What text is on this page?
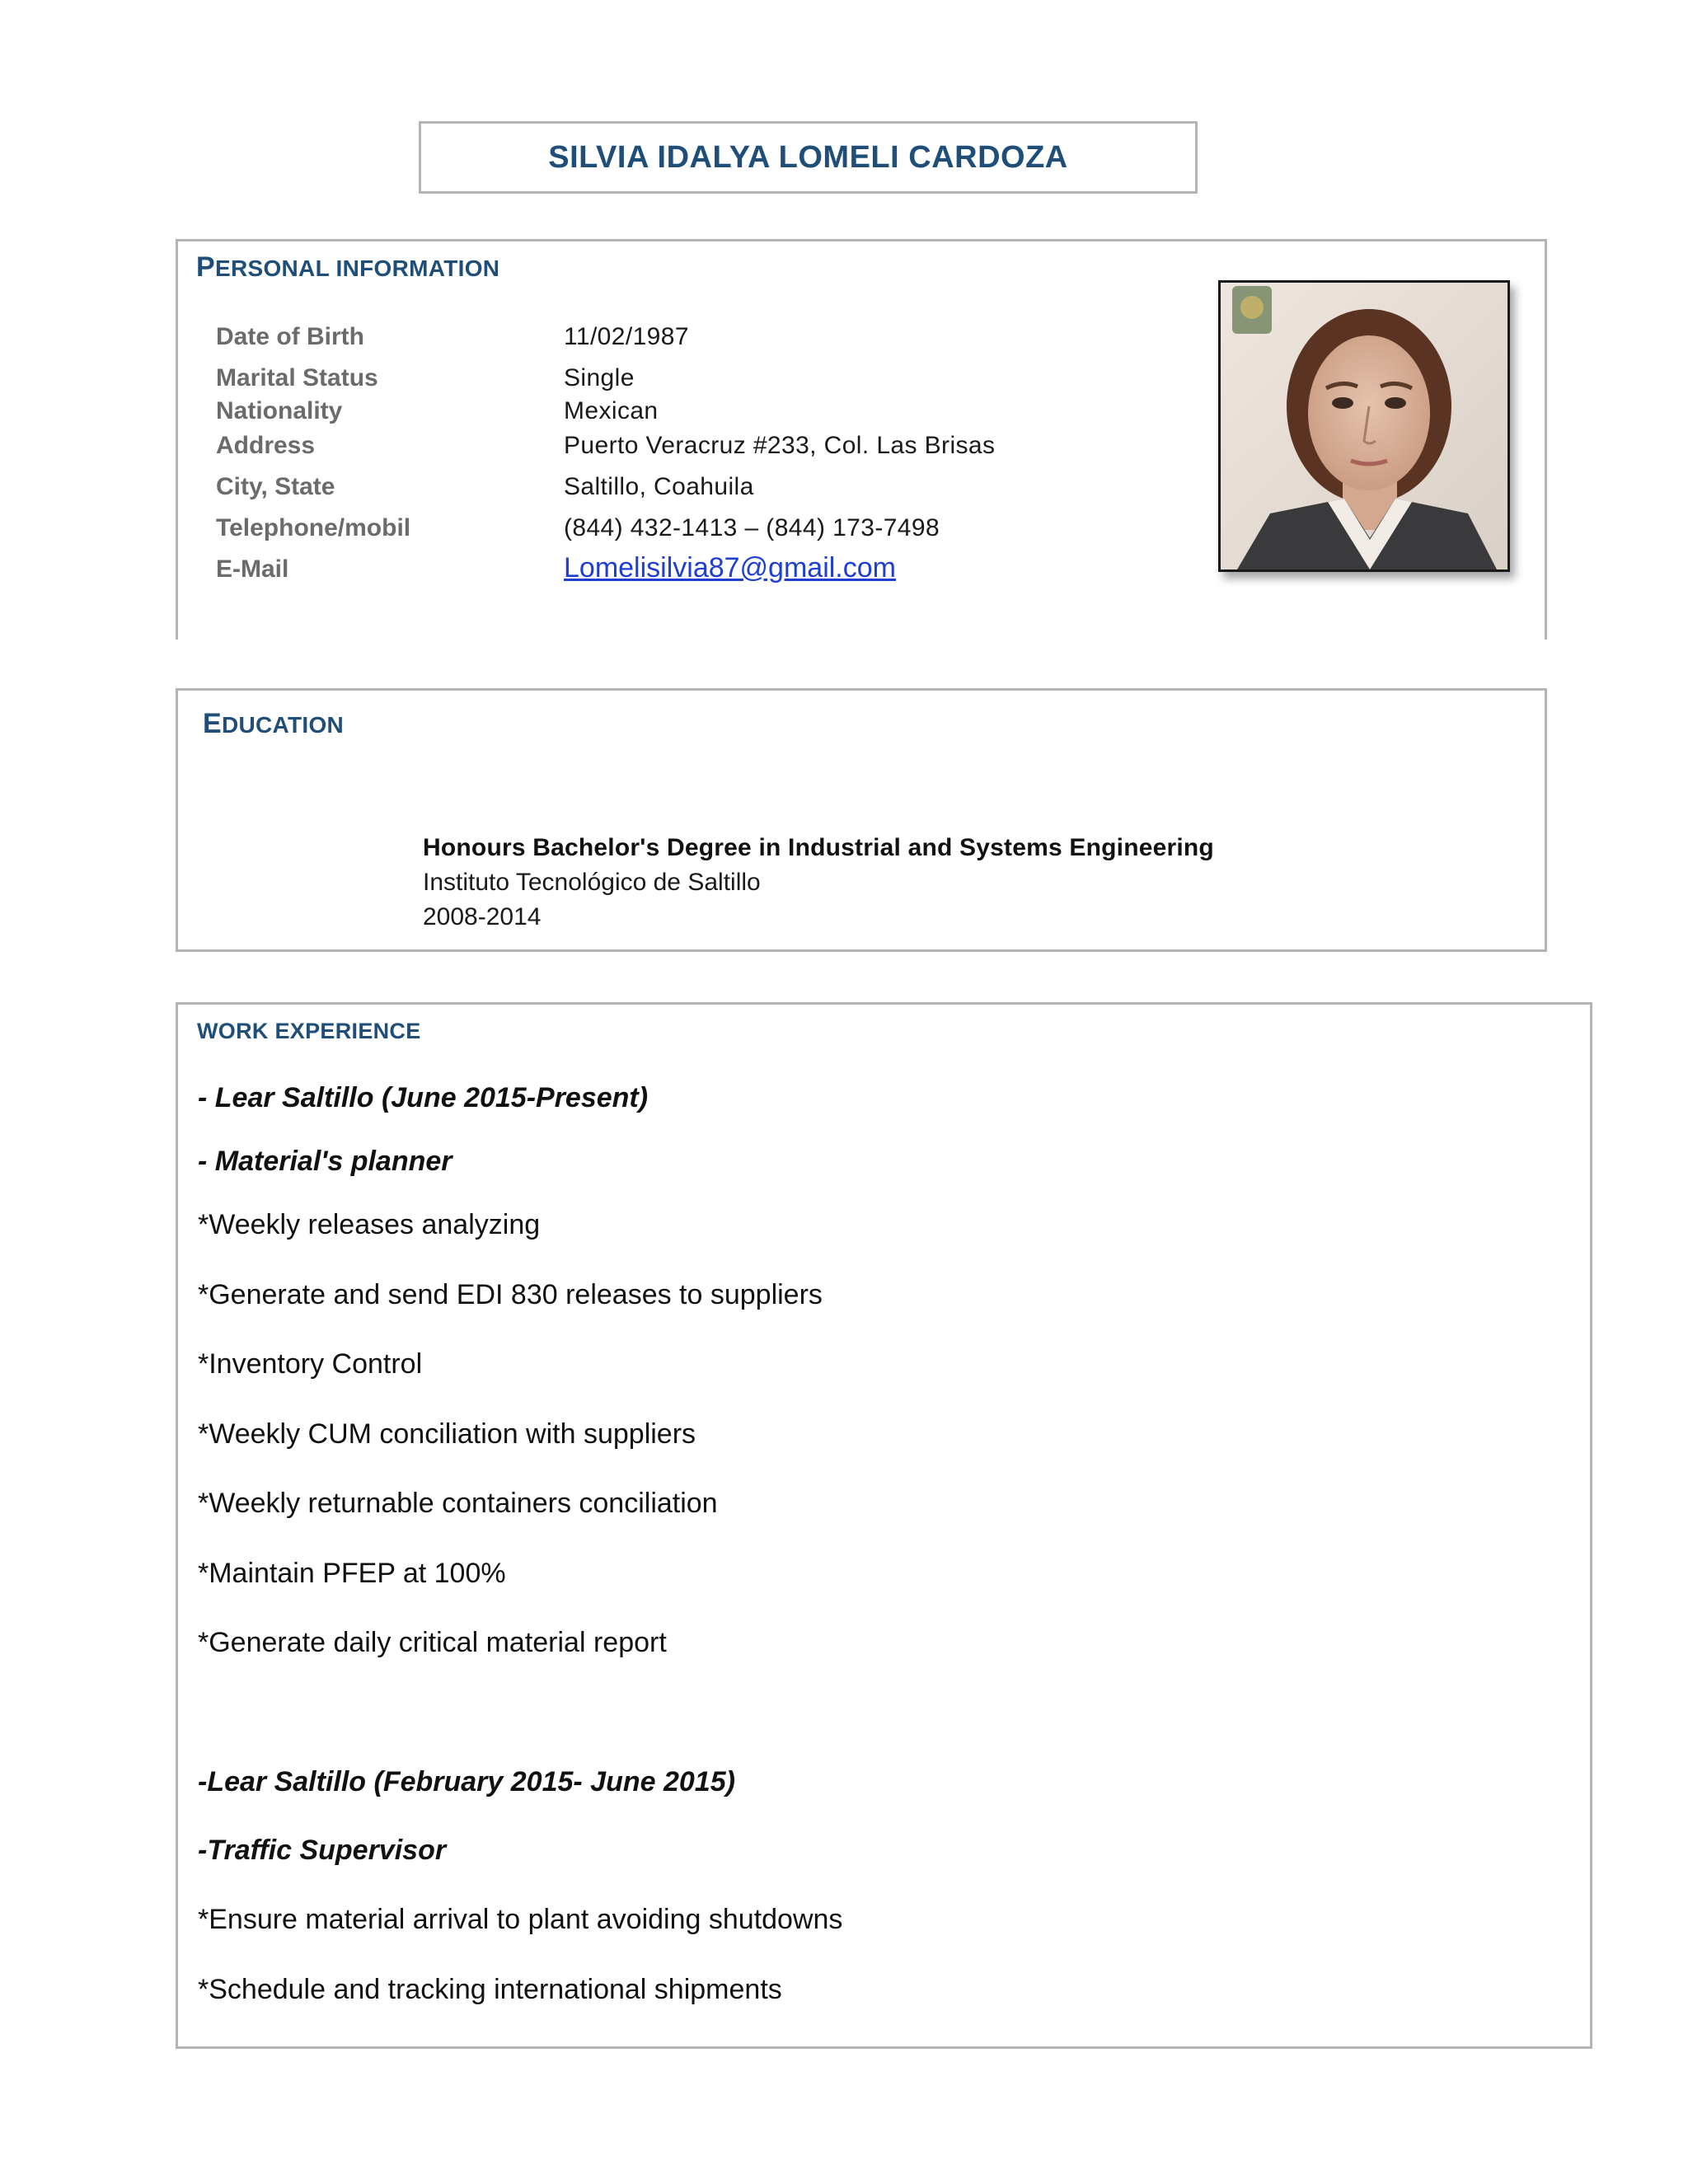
SILVIA IDALYA LOMELI CARDOZA
PERSONAL INFORMATION
Date of Birth	11/02/1987
Marital Status	Single
Nationality	Mexican
Address	Puerto Veracruz #233, Col. Las Brisas
City, State	Saltillo, Coahuila
Telephone/mobil	(844) 432-1413 – (844) 173-7498
E-Mail	Lomelisilvia87@gmail.com
EDUCATION
Honours Bachelor's Degree in Industrial and Systems Engineering
Instituto Tecnológico de Saltillo
2008-2014
WORK EXPERIENCE
- Lear Saltillo (June 2015-Present)
- Material's planner
*Weekly releases analyzing
*Generate and send EDI 830 releases to suppliers
*Inventory Control
*Weekly CUM conciliation with suppliers
*Weekly returnable containers conciliation
*Maintain PFEP at 100%
*Generate daily critical material report
-Lear Saltillo (February 2015- June 2015)
-Traffic Supervisor
*Ensure material arrival to plant avoiding shutdowns
*Schedule and tracking international shipments
